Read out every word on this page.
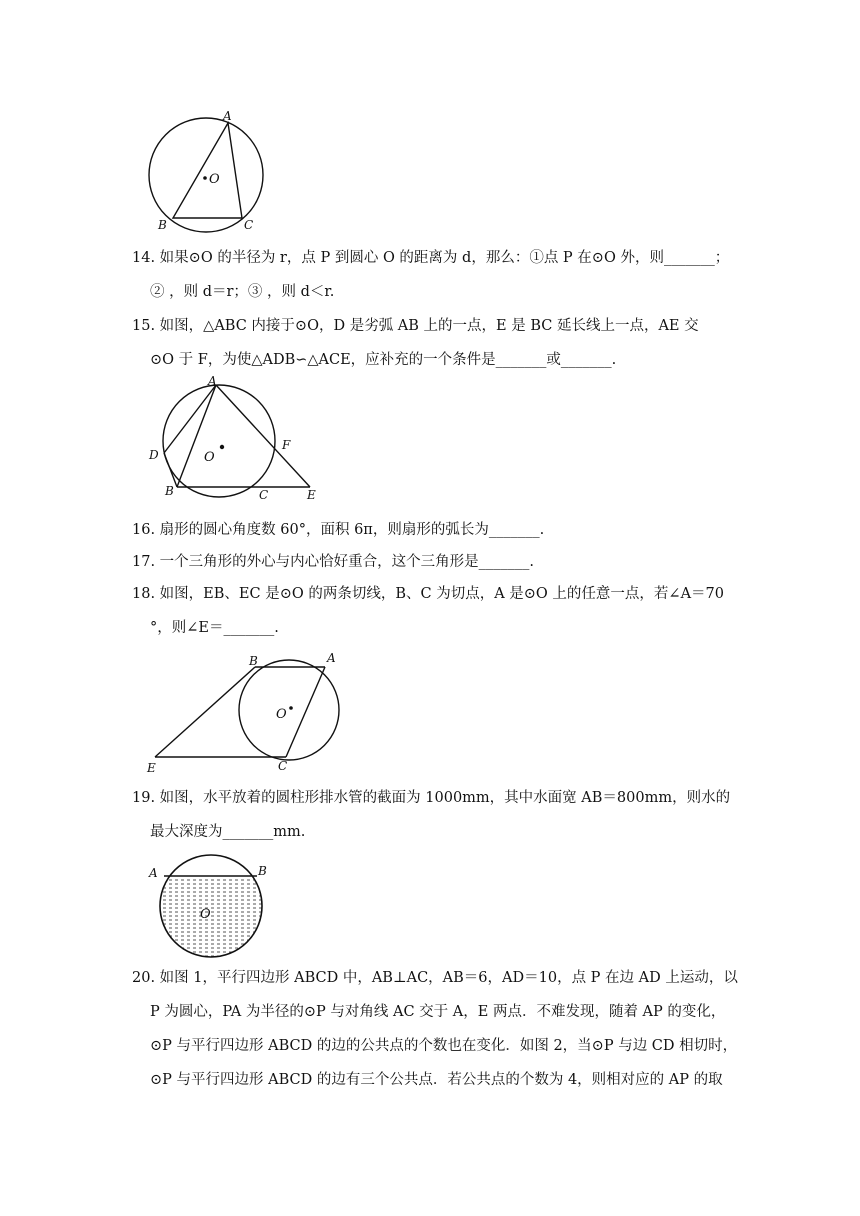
A
O
B	C
14. 如果⊙O 的半径为 r，点 P 到圆心 O 的距离为 d，那么：①点 P 在⊙O 外，则_______；
② ，则 d＝r；③ ，则 d＜r.
15. 如图，△ABC 内接于⊙O，D 是劣弧 AB 上的一点，E 是 BC 延长线上一点，AE 交
⊙O 于 F，为使△ADB∽△ACE，应补充的一个条件是_______或_______.
A
D	O
F
B	C	E
16. 扇形的圆心角度数 60°，面积 6π，则扇形的弧长为_______.
17. 一个三角形的外心与内心恰好重合，这个三角形是_______.
18. 如图，EB、EC 是⊙O 的两条切线，B、C 为切点，A 是⊙O 上的任意一点，若∠A＝70
°，则∠E＝_______.
B	A
O
E	C
19. 如图，水平放着的圆柱形排水管的截面为 1000mm，其中水面宽 AB＝800mm，则水的
最大深度为_______mm.
A	B
O
20. 如图 1，平行四边形 ABCD 中，AB⊥AC，AB＝6，AD＝10，点 P 在边 AD 上运动，以
P 为圆心，PA 为半径的⊙P 与对角线 AC 交于 A，E 两点．不难发现，随着 AP 的变化，
⊙P 与平行四边形 ABCD 的边的公共点的个数也在变化．如图 2，当⊙P 与边 CD 相切时，
⊙P 与平行四边形 ABCD 的边有三个公共点．若公共点的个数为 4，则相对应的 AP 的取
